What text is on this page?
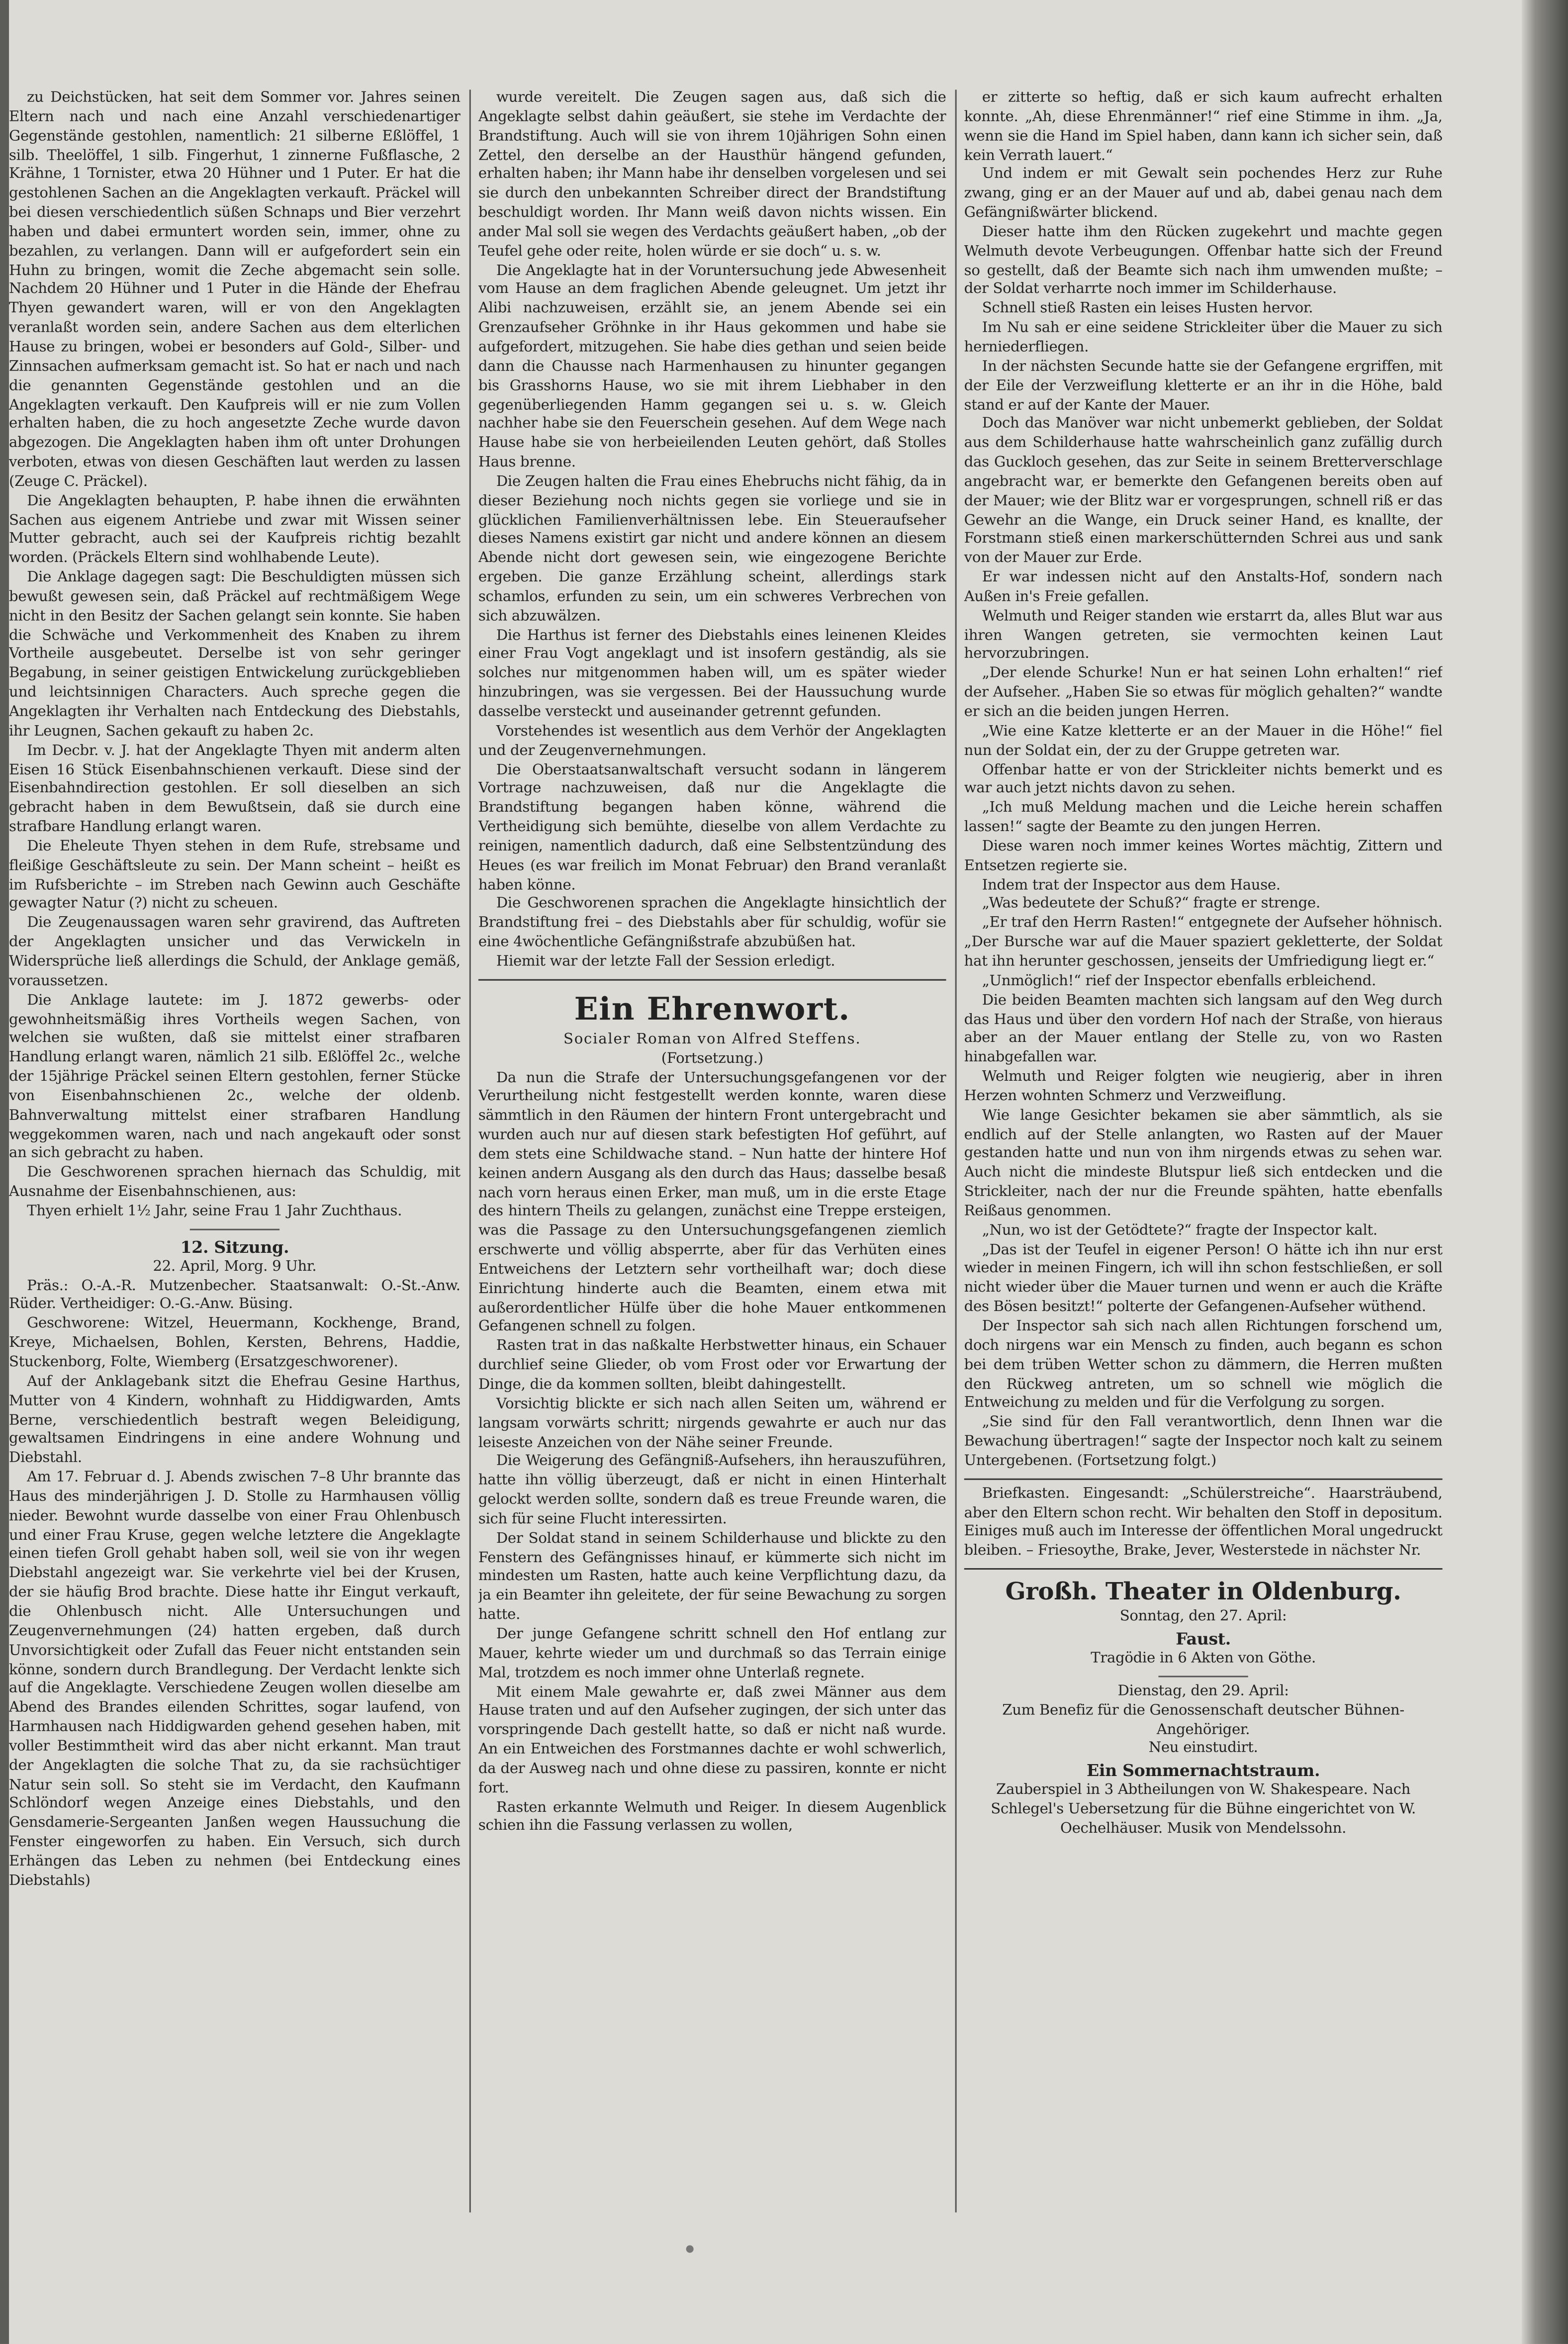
zu Deichstücken, hat seit dem Sommer vor. Jahres seinen Eltern nach und nach eine Anzahl verschiedenartiger Gegenstände gestohlen, namentlich: 21 silberne Eßlöffel, 1 silb. Theelöffel, 1 silb. Fingerhut, 1 zinnerne Fußflasche, 2 Krähne, 1 Tornister, etwa 20 Hühner und 1 Puter. Er hat die gestohlenen Sachen an die Angeklagten verkauft. Präckel will bei diesen verschiedentlich süßen Schnaps und Bier verzehrt haben und dabei ermuntert worden sein, immer, ohne zu bezahlen, zu verlangen. Dann will er aufgefordert sein ein Huhn zu bringen, womit die Zeche abgemacht sein solle. Nachdem 20 Hühner und 1 Puter in die Hände der Ehefrau Thyen gewandert waren, will er von den Angeklagten veranlaßt worden sein, andere Sachen aus dem elterlichen Hause zu bringen, wobei er besonders auf Gold-, Silber- und Zinnsachen aufmerksam gemacht ist. So hat er nach und nach die genannten Gegenstände gestohlen und an die Angeklagten verkauft. Den Kaufpreis will er nie zum Vollen erhalten haben, die zu hoch angesetzte Zeche wurde davon abgezogen. Die Angeklagten haben ihm oft unter Drohungen verboten, etwas von diesen Geschäften laut werden zu lassen (Zeuge C. Präckel).

Die Angeklagten behaupten, P. habe ihnen die erwähnten Sachen aus eigenem Antriebe und zwar mit Wissen seiner Mutter gebracht, auch sei der Kaufpreis richtig bezahlt worden. (Präckels Eltern sind wohlhabende Leute).

Die Anklage dagegen sagt: Die Beschuldigten müssen sich bewußt gewesen sein, daß Präckel auf rechtmäßigem Wege nicht in den Besitz der Sachen gelangt sein konnte. Sie haben die Schwäche und Verkommenheit des Knaben zu ihrem Vortheile ausgebeutet. Derselbe ist von sehr geringer Begabung, in seiner geistigen Entwickelung zurückgeblieben und leichtsinnigen Characters. Auch spreche gegen die Angeklagten ihr Verhalten nach Entdeckung des Diebstahls, ihr Leugnen, Sachen gekauft zu haben 2c.

Im Decbr. v. J. hat der Angeklagte Thyen mit anderm alten Eisen 16 Stück Eisenbahnschienen verkauft. Diese sind der Eisenbahndirection gestohlen. Er soll dieselben an sich gebracht haben in dem Bewußtsein, daß sie durch eine strafbare Handlung erlangt waren.

Die Eheleute Thyen stehen in dem Rufe, strebsame und fleißige Geschäftsleute zu sein. Der Mann scheint – heißt es im Rufsberichte – im Streben nach Gewinn auch Geschäfte gewagter Natur (?) nicht zu scheuen.

Die Zeugenaussagen waren sehr gravirend, das Auftreten der Angeklagten unsicher und das Verwickeln in Widersprüche ließ allerdings die Schuld, der Anklage gemäß, voraussetzen.

Die Anklage lautete: im J. 1872 gewerbs- oder gewohnheitsmäßig ihres Vortheils wegen Sachen, von welchen sie wußten, daß sie mittelst einer strafbaren Handlung erlangt waren, nämlich 21 silb. Eßlöffel 2c., welche der 15jährige Präckel seinen Eltern gestohlen, ferner Stücke von Eisenbahnschienen 2c., welche der oldenb. Bahnverwaltung mittelst einer strafbaren Handlung weggekommen waren, nach und nach angekauft oder sonst an sich gebracht zu haben.

Die Geschworenen sprachen hiernach das Schuldig, mit Ausnahme der Eisenbahnschienen, aus:

Thyen erhielt 1½ Jahr, seine Frau 1 Jahr Zuchthaus.

12. Sitzung.

22. April, Morg. 9 Uhr.

Präs.: O.-A.-R. Mutzenbecher. Staatsanwalt: O.-St.-Anw. Rüder. Vertheidiger: O.-G.-Anw. Büsing.

Geschworene: Witzel, Heuermann, Kockhenge, Brand, Kreye, Michaelsen, Bohlen, Kersten, Behrens, Haddie, Stuckenborg, Folte, Wiemberg (Ersatzgeschworener).

Auf der Anklagebank sitzt die Ehefrau Gesine Harthus, Mutter von 4 Kindern, wohnhaft zu Hiddigwarden, Amts Berne, verschiedentlich bestraft wegen Beleidigung, gewaltsamen Eindringens in eine andere Wohnung und Diebstahl.

Am 17. Februar d. J. Abends zwischen 7–8 Uhr brannte das Haus des minderjährigen J. D. Stolle zu Harmhausen völlig nieder. Bewohnt wurde dasselbe von einer Frau Ohlenbusch und einer Frau Kruse, gegen welche letztere die Angeklagte einen tiefen Groll gehabt haben soll, weil sie von ihr wegen Diebstahl angezeigt war. Sie verkehrte viel bei der Krusen, der sie häufig Brod brachte. Diese hatte ihr Eingut verkauft, die Ohlenbusch nicht. Alle Untersuchungen und Zeugenvernehmungen (24) hatten ergeben, daß durch Unvorsichtigkeit oder Zufall das Feuer nicht entstanden sein könne, sondern durch Brandlegung. Der Verdacht lenkte sich auf die Angeklagte. Verschiedene Zeugen wollen dieselbe am Abend des Brandes eilenden Schrittes, sogar laufend, von Harmhausen nach Hiddigwarden gehend gesehen haben, mit voller Bestimmtheit wird das aber nicht erkannt. Man traut der Angeklagten die solche That zu, da sie rachsüchtiger Natur sein soll. So steht sie im Verdacht, den Kaufmann Schlöndorf wegen Anzeige eines Diebstahls, und den Gensdamerie-Sergeanten Janßen wegen Haussuchung die Fenster eingeworfen zu haben. Ein Versuch, sich durch Erhängen das Leben zu nehmen (bei Entdeckung eines Diebstahls)

wurde vereitelt. Die Zeugen sagen aus, daß sich die Angeklagte selbst dahin geäußert, sie stehe im Verdachte der Brandstiftung. Auch will sie von ihrem 10jährigen Sohn einen Zettel, den derselbe an der Hausthür hängend gefunden, erhalten haben; ihr Mann habe ihr denselben vorgelesen und sei sie durch den unbekannten Schreiber direct der Brandstiftung beschuldigt worden. Ihr Mann weiß davon nichts wissen. Ein ander Mal soll sie wegen des Verdachts geäußert haben, „ob der Teufel gehe oder reite, holen würde er sie doch“ u. s. w.

Die Angeklagte hat in der Voruntersuchung jede Abwesenheit vom Hause an dem fraglichen Abende geleugnet. Um jetzt ihr Alibi nachzuweisen, erzählt sie, an jenem Abende sei ein Grenzaufseher Gröhnke in ihr Haus gekommen und habe sie aufgefordert, mitzugehen. Sie habe dies gethan und seien beide dann die Chausse nach Harmenhausen zu hinunter gegangen bis Grasshorns Hause, wo sie mit ihrem Liebhaber in den gegenüberliegenden Hamm gegangen sei u. s. w. Gleich nachher habe sie den Feuerschein gesehen. Auf dem Wege nach Hause habe sie von herbeieilenden Leuten gehört, daß Stolles Haus brenne.

Die Zeugen halten die Frau eines Ehebruchs nicht fähig, da in dieser Beziehung noch nichts gegen sie vorliege und sie in glücklichen Familienverhältnissen lebe. Ein Steueraufseher dieses Namens existirt gar nicht und andere können an diesem Abende nicht dort gewesen sein, wie eingezogene Berichte ergeben. Die ganze Erzählung scheint, allerdings stark schamlos, erfunden zu sein, um ein schweres Verbrechen von sich abzuwälzen.

Die Harthus ist ferner des Diebstahls eines leinenen Kleides einer Frau Vogt angeklagt und ist insofern geständig, als sie solches nur mitgenommen haben will, um es später wieder hinzubringen, was sie vergessen. Bei der Haussuchung wurde dasselbe versteckt und auseinander getrennt gefunden.

Vorstehendes ist wesentlich aus dem Verhör der Angeklagten und der Zeugenvernehmungen.

Die Oberstaatsanwaltschaft versucht sodann in längerem Vortrage nachzuweisen, daß nur die Angeklagte die Brandstiftung begangen haben könne, während die Vertheidigung sich bemühte, dieselbe von allem Verdachte zu reinigen, namentlich dadurch, daß eine Selbstentzündung des Heues (es war freilich im Monat Februar) den Brand veranlaßt haben könne.

Die Geschworenen sprachen die Angeklagte hinsichtlich der Brandstiftung frei – des Diebstahls aber für schuldig, wofür sie eine 4wöchentliche Gefängnißstrafe abzubüßen hat.

Hiemit war der letzte Fall der Session erledigt.

Ein Ehrenwort.

Socialer Roman von Alfred Steffens.

(Fortsetzung.)

Da nun die Strafe der Untersuchungsgefangenen vor der Verurtheilung nicht festgestellt werden konnte, waren diese sämmtlich in den Räumen der hintern Front untergebracht und wurden auch nur auf diesen stark befestigten Hof geführt, auf dem stets eine Schildwache stand. – Nun hatte der hintere Hof keinen andern Ausgang als den durch das Haus; dasselbe besaß nach vorn heraus einen Erker, man muß, um in die erste Etage des hintern Theils zu gelangen, zunächst eine Treppe ersteigen, was die Passage zu den Untersuchungsgefangenen ziemlich erschwerte und völlig absperrte, aber für das Verhüten eines Entweichens der Letztern sehr vortheilhaft war; doch diese Einrichtung hinderte auch die Beamten, einem etwa mit außerordentlicher Hülfe über die hohe Mauer entkommenen Gefangenen schnell zu folgen.

Rasten trat in das naßkalte Herbstwetter hinaus, ein Schauer durchlief seine Glieder, ob vom Frost oder vor Erwartung der Dinge, die da kommen sollten, bleibt dahingestellt.

Vorsichtig blickte er sich nach allen Seiten um, während er langsam vorwärts schritt; nirgends gewahrte er auch nur das leiseste Anzeichen von der Nähe seiner Freunde.

Die Weigerung des Gefängniß-Aufsehers, ihn herauszuführen, hatte ihn völlig überzeugt, daß er nicht in einen Hinterhalt gelockt werden sollte, sondern daß es treue Freunde waren, die sich für seine Flucht interessirten.

Der Soldat stand in seinem Schilderhause und blickte zu den Fenstern des Gefängnisses hinauf, er kümmerte sich nicht im mindesten um Rasten, hatte auch keine Verpflichtung dazu, da ja ein Beamter ihn geleitete, der für seine Bewachung zu sorgen hatte.

Der junge Gefangene schritt schnell den Hof entlang zur Mauer, kehrte wieder um und durchmaß so das Terrain einige Mal, trotzdem es noch immer ohne Unterlaß regnete.

Mit einem Male gewahrte er, daß zwei Männer aus dem Hause traten und auf den Aufseher zugingen, der sich unter das vorspringende Dach gestellt hatte, so daß er nicht naß wurde. An ein Entweichen des Forstmannes dachte er wohl schwerlich, da der Ausweg nach und ohne diese zu passiren, konnte er nicht fort.

Rasten erkannte Welmuth und Reiger. In diesem Augenblick schien ihn die Fassung verlassen zu wollen,

er zitterte so heftig, daß er sich kaum aufrecht erhalten konnte. „Ah, diese Ehrenmänner!“ rief eine Stimme in ihm. „Ja, wenn sie die Hand im Spiel haben, dann kann ich sicher sein, daß kein Verrath lauert.“

Und indem er mit Gewalt sein pochendes Herz zur Ruhe zwang, ging er an der Mauer auf und ab, dabei genau nach dem Gefängnißwärter blickend.

Dieser hatte ihm den Rücken zugekehrt und machte gegen Welmuth devote Verbeugungen. Offenbar hatte sich der Freund so gestellt, daß der Beamte sich nach ihm umwenden mußte; – der Soldat verharrte noch immer im Schilderhause.

Schnell stieß Rasten ein leises Husten hervor.

Im Nu sah er eine seidene Strickleiter über die Mauer zu sich herniederfliegen.

In der nächsten Secunde hatte sie der Gefangene ergriffen, mit der Eile der Verzweiflung kletterte er an ihr in die Höhe, bald stand er auf der Kante der Mauer.

Doch das Manöver war nicht unbemerkt geblieben, der Soldat aus dem Schilderhause hatte wahrscheinlich ganz zufällig durch das Guckloch gesehen, das zur Seite in seinem Bretterverschlage angebracht war, er bemerkte den Gefangenen bereits oben auf der Mauer; wie der Blitz war er vorgesprungen, schnell riß er das Gewehr an die Wange, ein Druck seiner Hand, es knallte, der Forstmann stieß einen markerschütternden Schrei aus und sank von der Mauer zur Erde.

Er war indessen nicht auf den Anstalts-Hof, sondern nach Außen in's Freie gefallen.

Welmuth und Reiger standen wie erstarrt da, alles Blut war aus ihren Wangen getreten, sie vermochten keinen Laut hervorzubringen.

„Der elende Schurke! Nun er hat seinen Lohn erhalten!“ rief der Aufseher. „Haben Sie so etwas für möglich gehalten?“ wandte er sich an die beiden jungen Herren.

„Wie eine Katze kletterte er an der Mauer in die Höhe!“ fiel nun der Soldat ein, der zu der Gruppe getreten war.

Offenbar hatte er von der Strickleiter nichts bemerkt und es war auch jetzt nichts davon zu sehen.

„Ich muß Meldung machen und die Leiche herein schaffen lassen!“ sagte der Beamte zu den jungen Herren.

Diese waren noch immer keines Wortes mächtig, Zittern und Entsetzen regierte sie.

Indem trat der Inspector aus dem Hause.

„Was bedeutete der Schuß?“ fragte er strenge.

„Er traf den Herrn Rasten!“ entgegnete der Aufseher höhnisch. „Der Bursche war auf die Mauer spaziert gekletterte, der Soldat hat ihn herunter geschossen, jenseits der Umfriedigung liegt er.“

„Unmöglich!“ rief der Inspector ebenfalls erbleichend.

Die beiden Beamten machten sich langsam auf den Weg durch das Haus und über den vordern Hof nach der Straße, von hieraus aber an der Mauer entlang der Stelle zu, von wo Rasten hinabgefallen war.

Welmuth und Reiger folgten wie neugierig, aber in ihren Herzen wohnten Schmerz und Verzweiflung.

Wie lange Gesichter bekamen sie aber sämmtlich, als sie endlich auf der Stelle anlangten, wo Rasten auf der Mauer gestanden hatte und nun von ihm nirgends etwas zu sehen war. Auch nicht die mindeste Blutspur ließ sich entdecken und die Strickleiter, nach der nur die Freunde spähten, hatte ebenfalls Reißaus genommen.

„Nun, wo ist der Getödtete?“ fragte der Inspector kalt.

„Das ist der Teufel in eigener Person! O hätte ich ihn nur erst wieder in meinen Fingern, ich will ihn schon festschließen, er soll nicht wieder über die Mauer turnen und wenn er auch die Kräfte des Bösen besitzt!“ polterte der Gefangenen-Aufseher wüthend.

Der Inspector sah sich nach allen Richtungen forschend um, doch nirgens war ein Mensch zu finden, auch begann es schon bei dem trüben Wetter schon zu dämmern, die Herren mußten den Rückweg antreten, um so schnell wie möglich die Entweichung zu melden und für die Verfolgung zu sorgen.

„Sie sind für den Fall verantwortlich, denn Ihnen war die Bewachung übertragen!“ sagte der Inspector noch kalt zu seinem Untergebenen. (Fortsetzung folgt.)

Briefkasten. Eingesandt: „Schülerstreiche“. Haarsträubend, aber den Eltern schon recht. Wir behalten den Stoff in depositum. Einiges muß auch im Interesse der öffentlichen Moral ungedruckt bleiben. – Friesoythe, Brake, Jever, Westerstede in nächster Nr.

Großh. Theater in Oldenburg.

Sonntag, den 27. April:

Faust.

Tragödie in 6 Akten von Göthe.

Dienstag, den 29. April:

Zum Benefiz für die Genossenschaft deutscher Bühnen-Angehöriger.

Neu einstudirt.

Ein Sommernachtstraum.

Zauberspiel in 3 Abtheilungen von W. Shakespeare. Nach Schlegel's Uebersetzung für die Bühne eingerichtet von W. Oechelhäuser. Musik von Mendelssohn.
